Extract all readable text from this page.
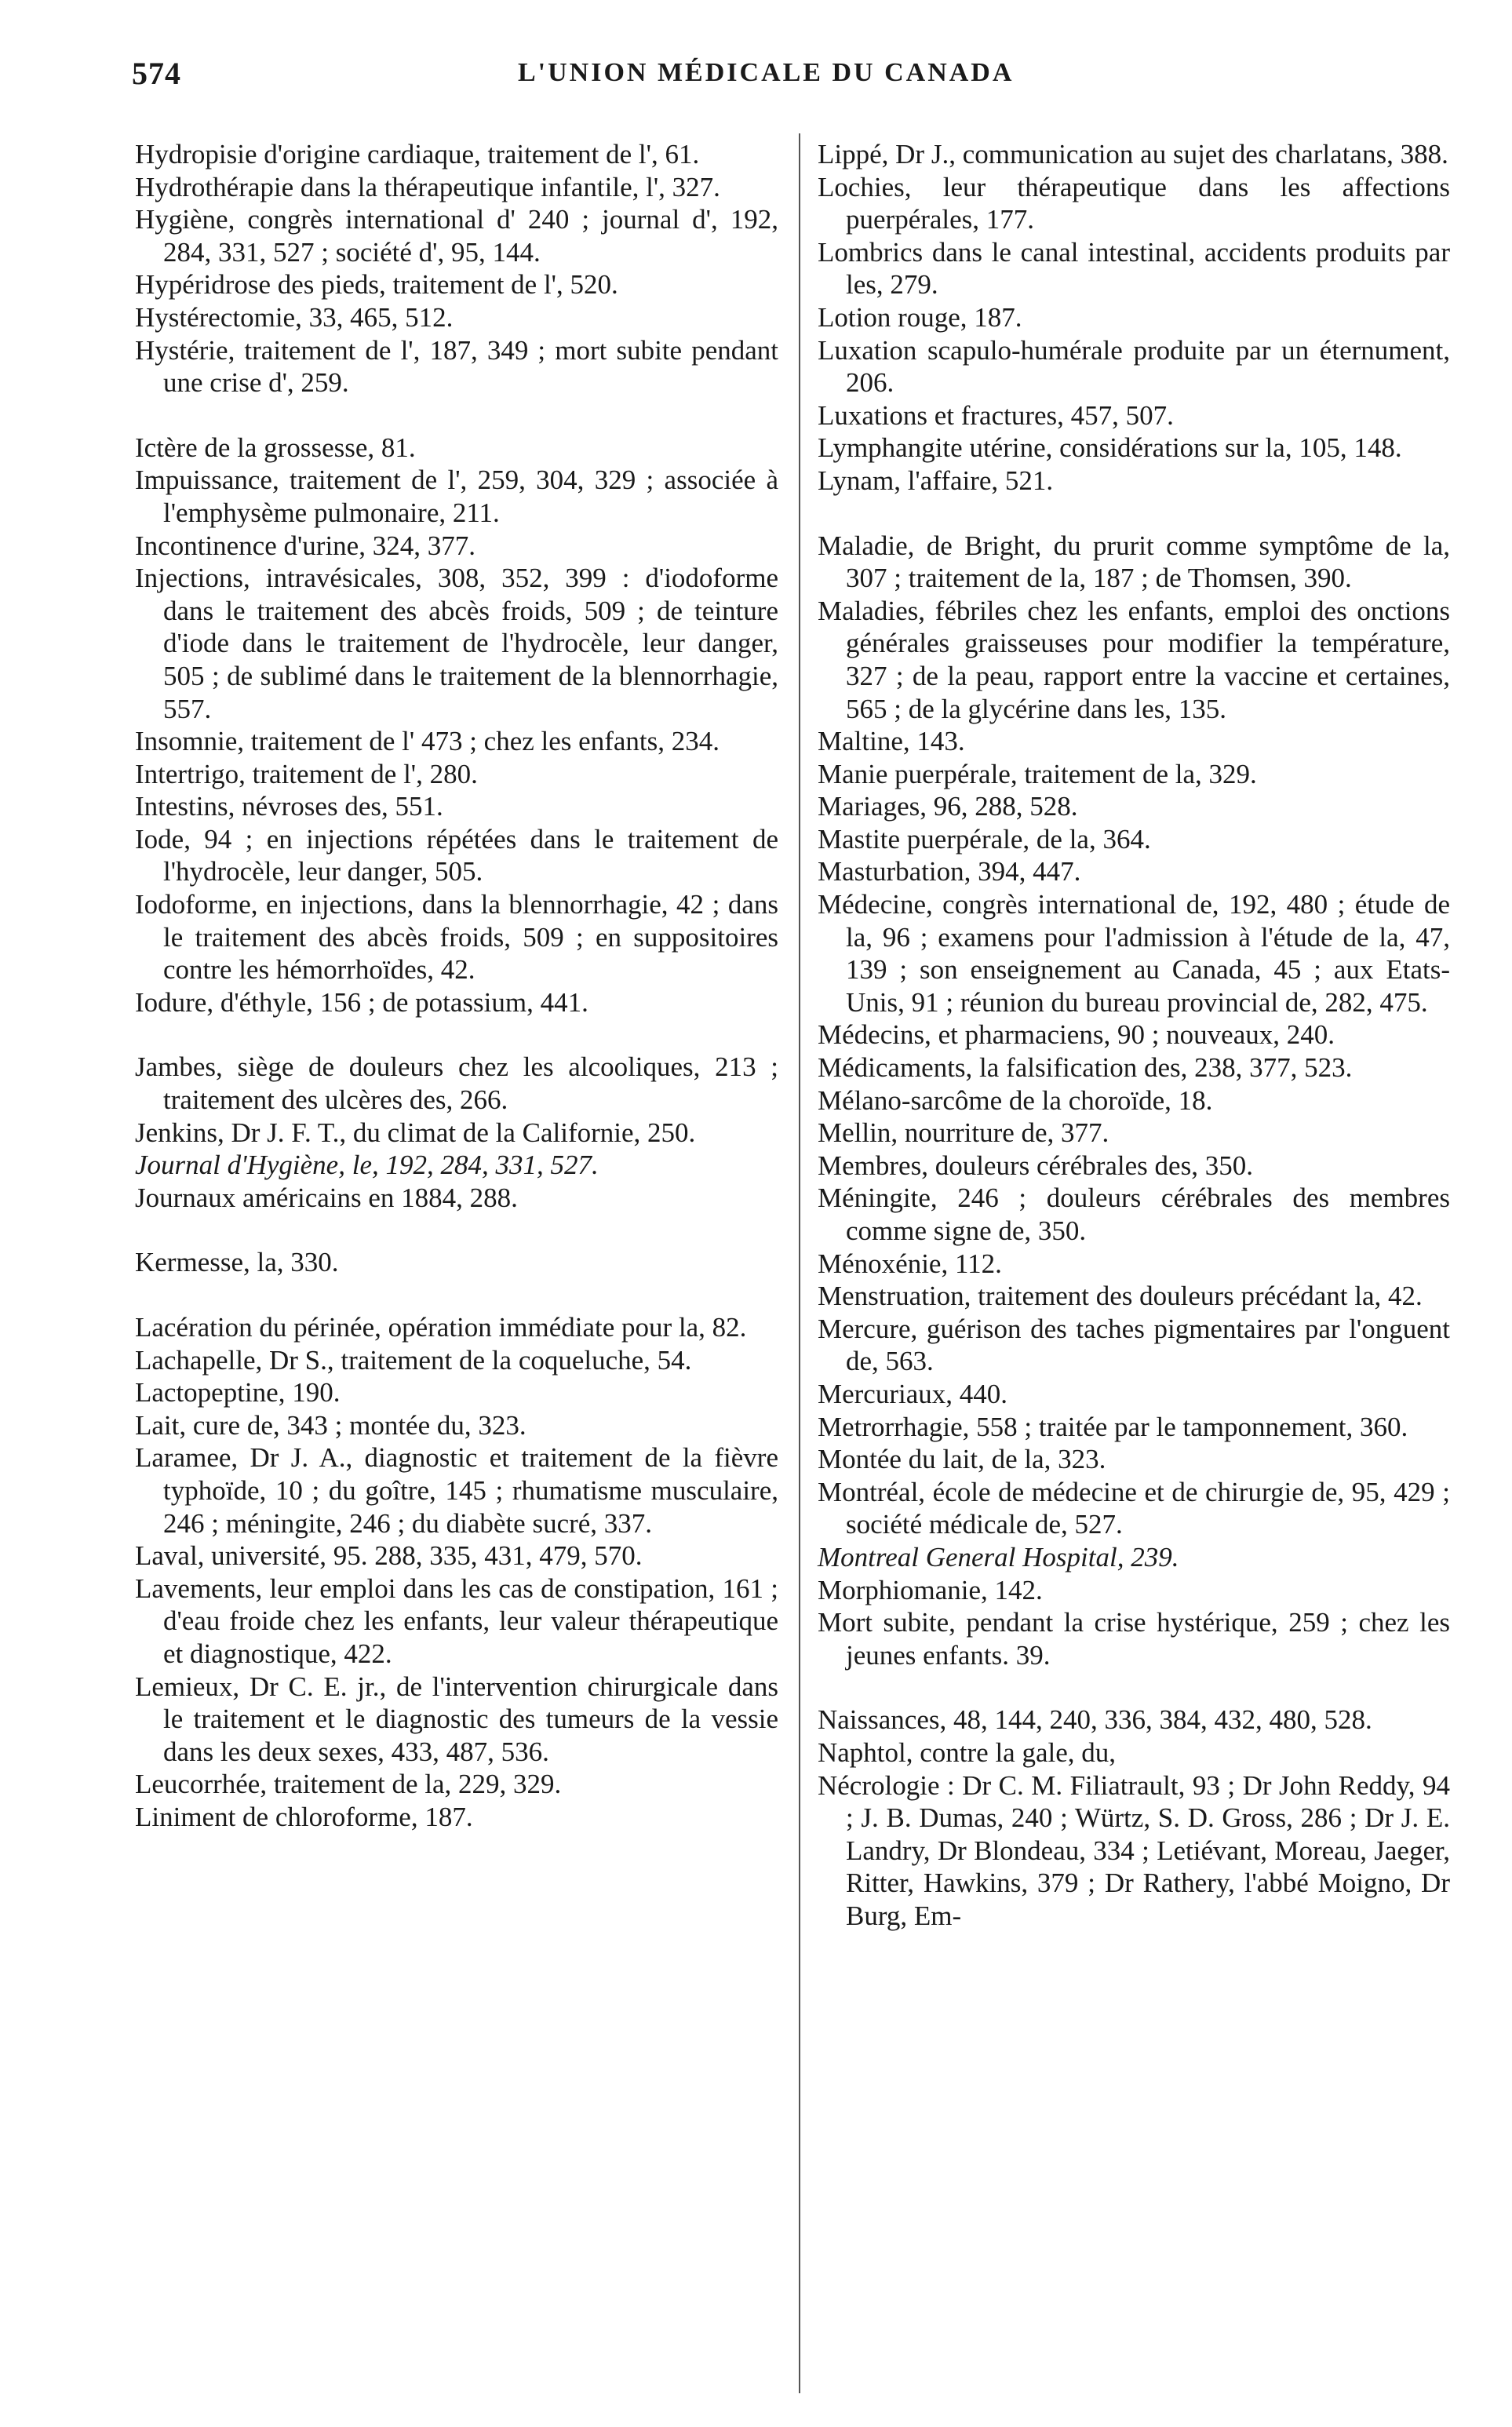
574	L'UNION MÉDICALE DU CANADA

Hydropisie d'origine cardiaque, traitement de l', 61.

Hydrothérapie dans la thérapeutique infantile, l', 327.

Hygiène, congrès international d' 240 ; journal d', 192, 284, 331, 527 ; société d', 95, 144.

Hypéridrose des pieds, traitement de l', 520.

Hystérectomie, 33, 465, 512.

Hystérie, traitement de l', 187, 349 ; mort subite pendant une crise d', 259.

Ictère de la grossesse, 81.

Impuissance, traitement de l', 259, 304, 329 ; associée à l'emphysème pulmonaire, 211.

Incontinence d'urine, 324, 377.

Injections, intravésicales, 308, 352, 399 : d'iodoforme dans le traitement des abcès froids, 509 ; de teinture d'iode dans le traitement de l'hydrocèle, leur danger, 505 ; de sublimé dans le traitement de la blennorrhagie, 557.

Insomnie, traitement de l' 473 ; chez les enfants, 234.

Intertrigo, traitement de l', 280.

Intestins, névroses des, 551.

Iode, 94 ; en injections répétées dans le traitement de l'hydrocèle, leur danger, 505.

Iodoforme, en injections, dans la blennorrhagie, 42 ; dans le traitement des abcès froids, 509 ; en suppositoires contre les hémorrhoïdes, 42.

Iodure, d'éthyle, 156 ; de potassium, 441.

Jambes, siège de douleurs chez les alcooliques, 213 ; traitement des ulcères des, 266.

Jenkins, Dr J. F. T., du climat de la Californie, 250.

Journal d'Hygiène, le, 192, 284, 331, 527.

Journaux américains en 1884, 288.

Kermesse, la, 330.

Lacération du périnée, opération immédiate pour la, 82.

Lachapelle, Dr S., traitement de la coqueluche, 54.

Lactopeptine, 190.

Lait, cure de, 343 ; montée du, 323.

Laramee, Dr J. A., diagnostic et traitement de la fièvre typhoïde, 10 ; du goître, 145 ; rhumatisme musculaire, 246 ; méningite, 246 ; du diabète sucré, 337.

Laval, université, 95. 288, 335, 431, 479, 570.

Lavements, leur emploi dans les cas de constipation, 161 ; d'eau froide chez les enfants, leur valeur thérapeutique et diagnostique, 422.

Lemieux, Dr C. E. jr., de l'intervention chirurgicale dans le traitement et le diagnostic des tumeurs de la vessie dans les deux sexes, 433, 487, 536.

Leucorrhée, traitement de la, 229, 329.

Liniment de chloroforme, 187.

Lippé, Dr J., communication au sujet des charlatans, 388.

Lochies, leur thérapeutique dans les affections puerpérales, 177.

Lombrics dans le canal intestinal, accidents produits par les, 279.

Lotion rouge, 187.

Luxation scapulo-humérale produite par un éternument, 206.

Luxations et fractures, 457, 507.

Lymphangite utérine, considérations sur la, 105, 148.

Lynam, l'affaire, 521.

Maladie, de Bright, du prurit comme symptôme de la, 307 ; traitement de la, 187 ; de Thomsen, 390.

Maladies, fébriles chez les enfants, emploi des onctions générales graisseuses pour modifier la température, 327 ; de la peau, rapport entre la vaccine et certaines, 565 ; de la glycérine dans les, 135.

Maltine, 143.

Manie puerpérale, traitement de la, 329.

Mariages, 96, 288, 528.

Mastite puerpérale, de la, 364.

Masturbation, 394, 447.

Médecine, congrès international de, 192, 480 ; étude de la, 96 ; examens pour l'admission à l'étude de la, 47, 139 ; son enseignement au Canada, 45 ; aux Etats-Unis, 91 ; réunion du bureau provincial de, 282, 475.

Médecins, et pharmaciens, 90 ; nouveaux, 240.

Médicaments, la falsification des, 238, 377, 523.

Mélano-sarcôme de la choroïde, 18.

Mellin, nourriture de, 377.

Membres, douleurs cérébrales des, 350.

Méningite, 246 ; douleurs cérébrales des membres comme signe de, 350.

Ménoxénie, 112.

Menstruation, traitement des douleurs précédant la, 42.

Mercure, guérison des taches pigmentaires par l'onguent de, 563.

Mercuriaux, 440.

Metrorrhagie, 558 ; traitée par le tamponnement, 360.

Montée du lait, de la, 323.

Montréal, école de médecine et de chirurgie de, 95, 429 ; société médicale de, 527.

Montreal General Hospital, 239.

Morphiomanie, 142.

Mort subite, pendant la crise hystérique, 259 ; chez les jeunes enfants. 39.

Naissances, 48, 144, 240, 336, 384, 432, 480, 528.

Naphtol, contre la gale, du,

Nécrologie : Dr C. M. Filiatrault, 93 ; Dr John Reddy, 94 ; J. B. Dumas, 240 ; Würtz, S. D. Gross, 286 ; Dr J. E. Landry, Dr Blondeau, 334 ; Letiévant, Moreau, Jaeger, Ritter, Hawkins, 379 ; Dr Rathery, l'abbé Moigno, Dr Burg, Em-
